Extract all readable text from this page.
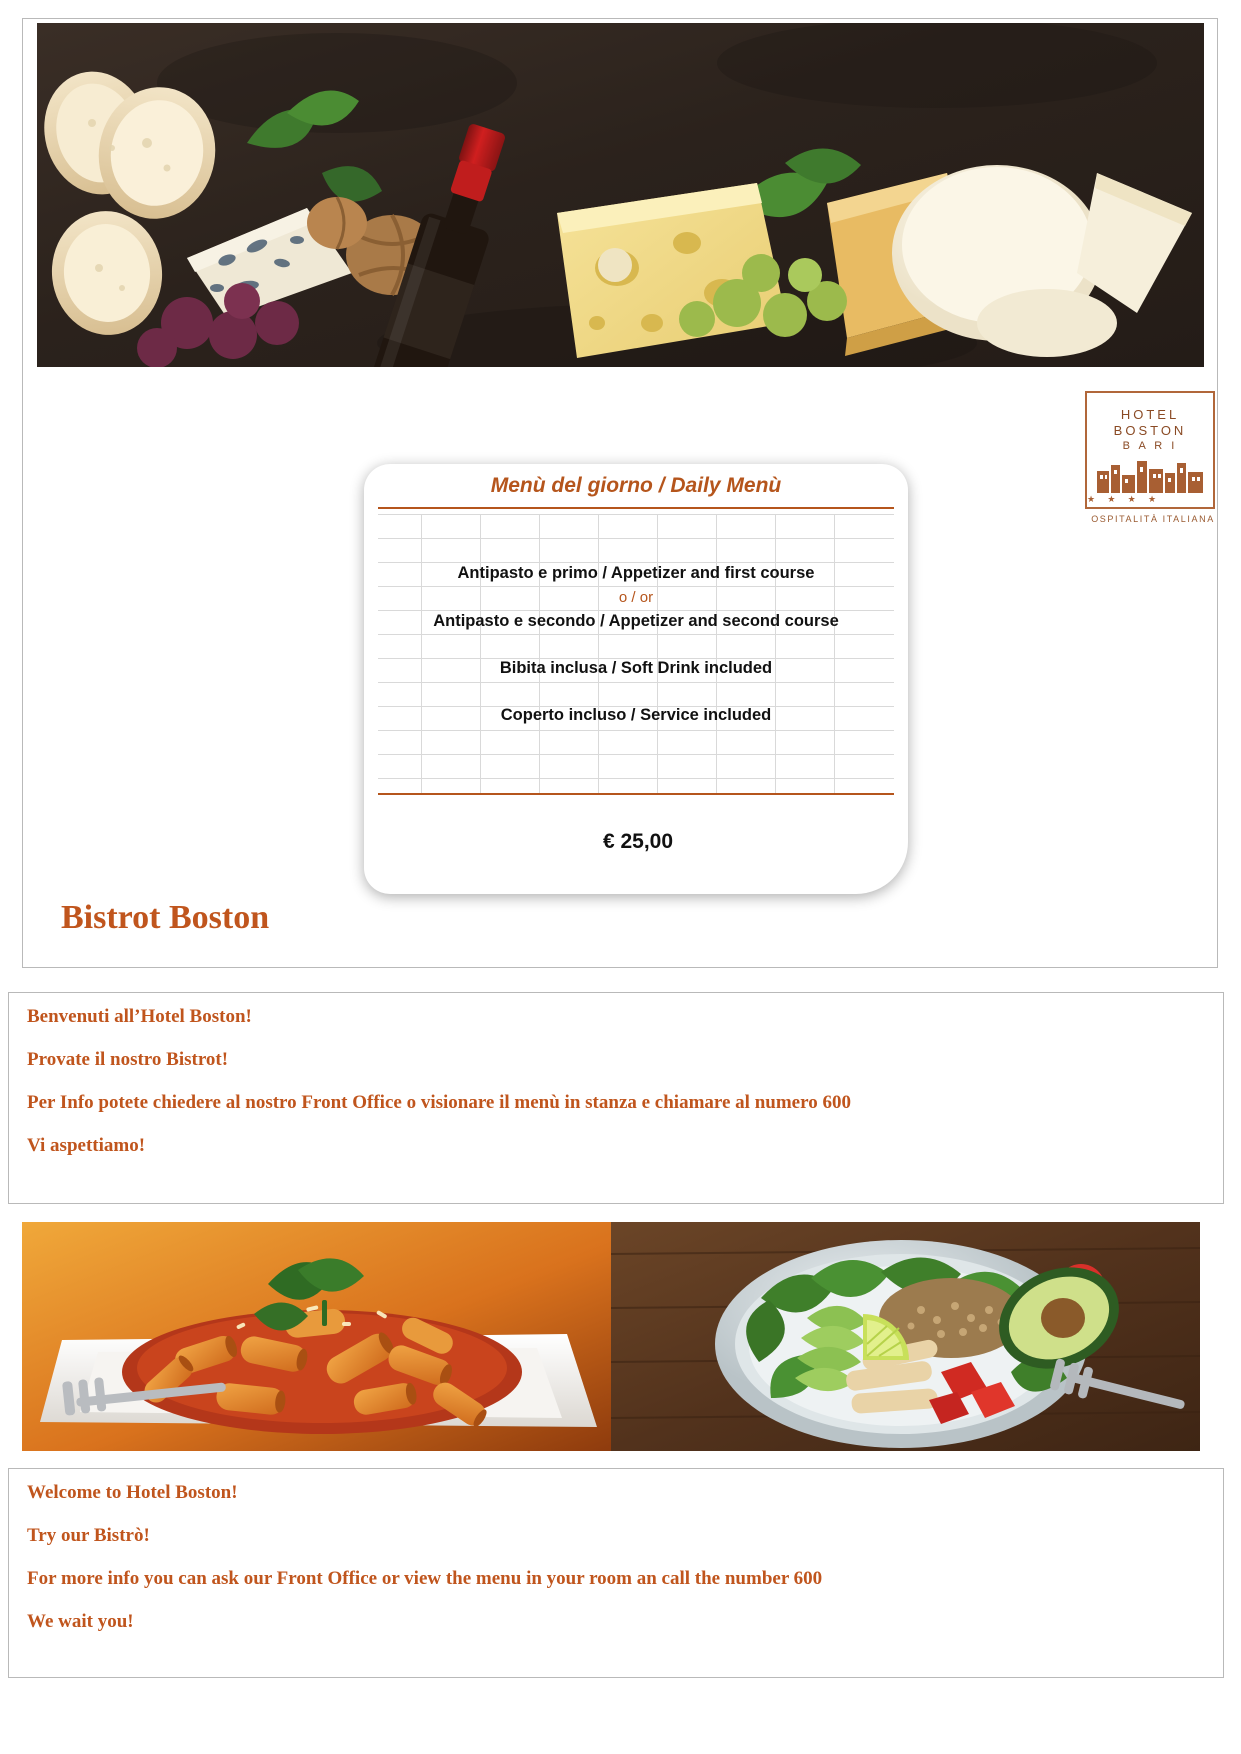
HOTEL
BOSTON
B A R I
★ ★ ★ ★
OSPITALITÀ ITALIANA
Menù del giorno / Daily Menù

Antipasto e primo / Appetizer and first course

o / or

Antipasto e secondo / Appetizer and second course

Bibita inclusa / Soft Drink included

Coperto incluso / Service included

€ 25,00
Bistrot Boston

Benvenuti all’Hotel Boston!

Provate il nostro Bistrot!

Per Info potete chiedere al nostro Front Office o visionare il menù in stanza e chiamare al numero 600

Vi aspettiamo!

Welcome to Hotel Boston!

Try our Bistrò!

For more info you can ask our Front Office or view the menu in your room an call the number 600

We wait you!
